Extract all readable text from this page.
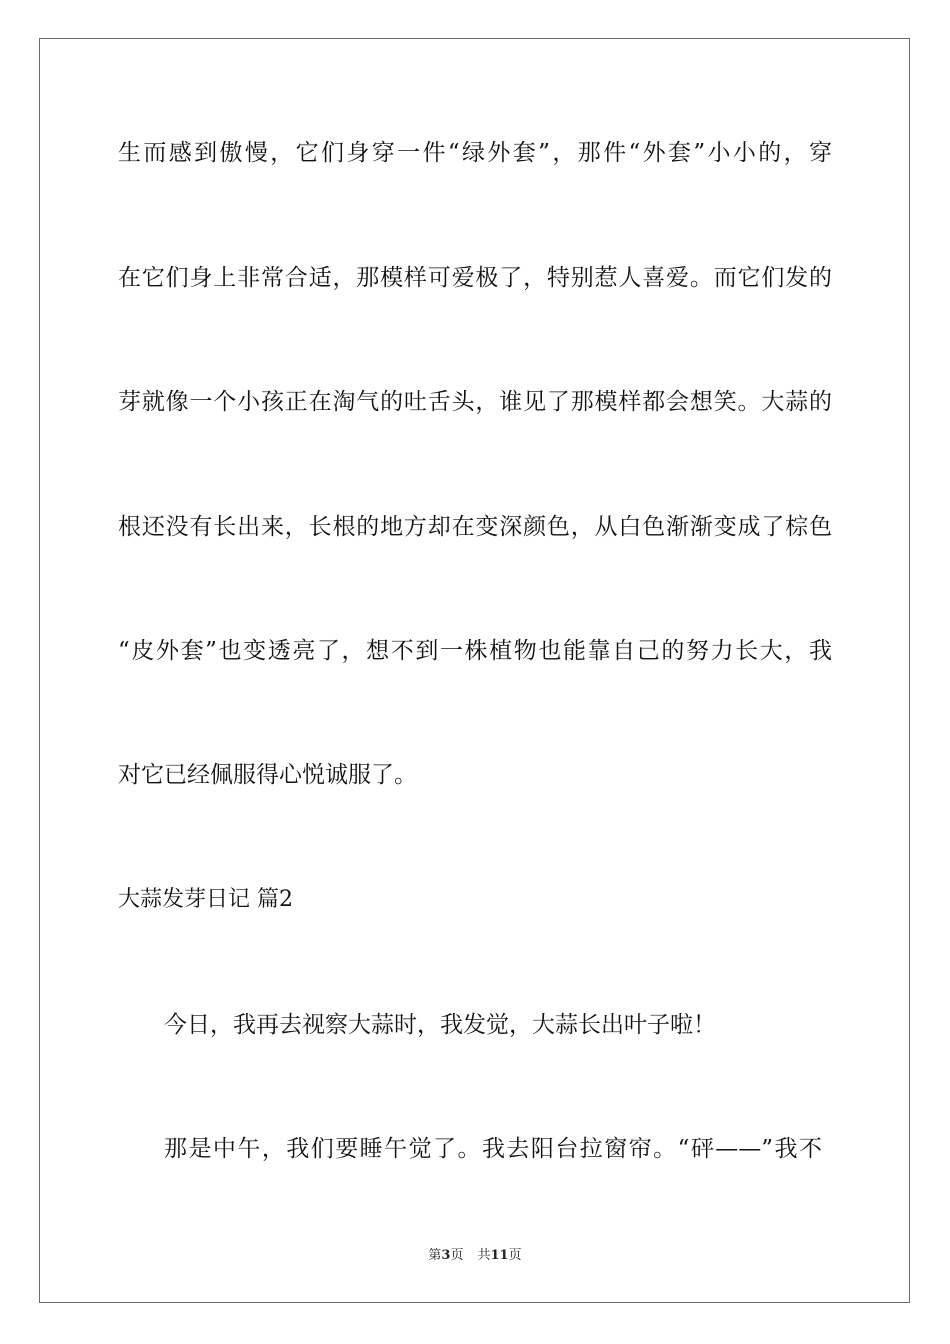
生而感到傲慢，它们身穿一件“绿外套”，那件“外套”小小的，穿
在它们身上非常合适，那模样可爱极了，特别惹人喜爱。而它们发的
芽就像一个小孩正在淘气的吐舌头，谁见了那模样都会想笑。大蒜的
根还没有长出来，长根的地方却在变深颜色，从白色渐渐变成了棕色
“皮外套”也变透亮了，想不到一株植物也能靠自己的努力长大，我
对它已经佩服得心悦诚服了。
大蒜发芽日记 篇2
今日，我再去视察大蒜时，我发觉，大蒜长出叶子啦！
那是中午，我们要睡午觉了。我去阳台拉窗帘。“砰——”我不
第3页 共11页
